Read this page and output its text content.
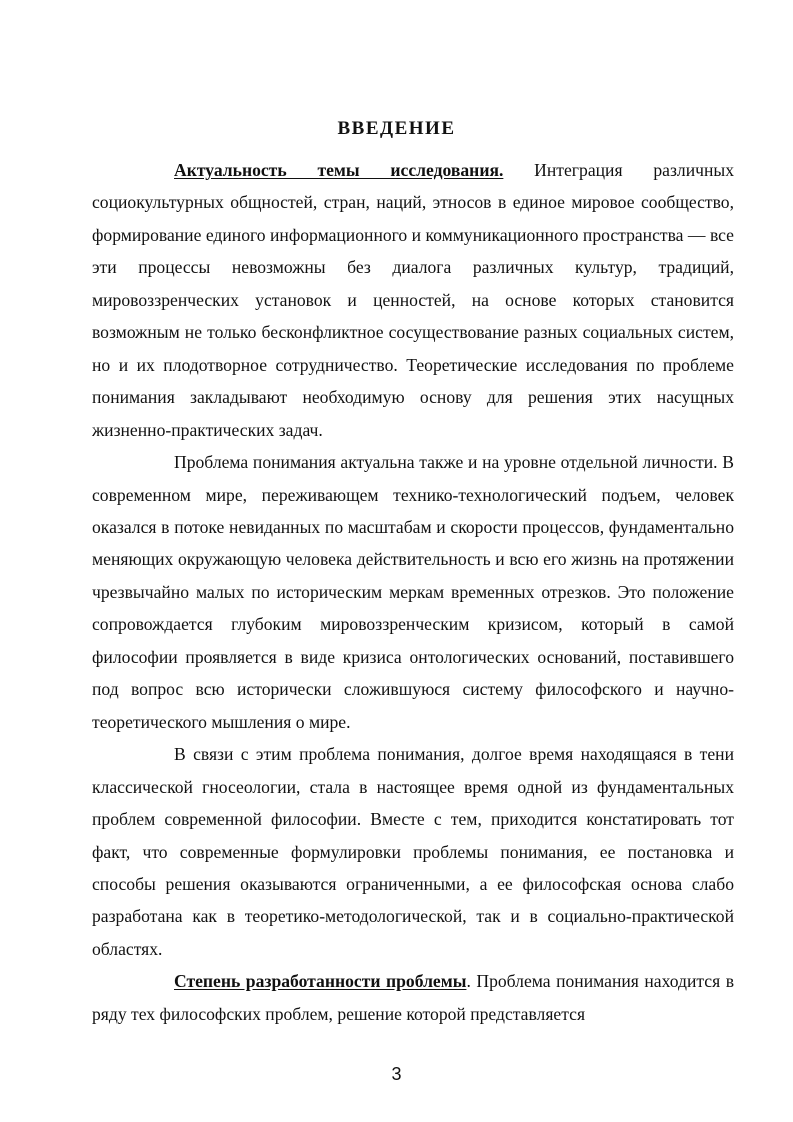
ВВЕДЕНИЕ

Актуальность темы исследования. Интеграция различных социокультурных общностей, стран, наций, этносов в единое мировое сообщество, формирование единого информационного и коммуникационного пространства — все эти процессы невозможны без диалога различных культур, традиций, мировоззренческих установок и ценностей, на основе которых становится возможным не только бесконфликтное сосуществование разных социальных систем, но и их плодотворное сотрудничество. Теоретические исследования по проблеме понимания закладывают необходимую основу для решения этих насущных жизненно-практических задач.

Проблема понимания актуальна также и на уровне отдельной личности. В современном мире, переживающем технико-технологический подъем, человек оказался в потоке невиданных по масштабам и скорости процессов, фундаментально меняющих окружающую человека действительность и всю его жизнь на протяжении чрезвычайно малых по историческим меркам временных отрезков. Это положение сопровождается глубоким мировоззренческим кризисом, который в самой философии проявляется в виде кризиса онтологических оснований, поставившего под вопрос всю исторически сложившуюся систему философского и научно-теоретического мышления о мире.

В связи с этим проблема понимания, долгое время находящаяся в тени классической гносеологии, стала в настоящее время одной из фундаментальных проблем современной философии. Вместе с тем, приходится констатировать тот факт, что современные формулировки проблемы понимания, ее постановка и способы решения оказываются ограниченными, а ее философская основа слабо разработана как в теоретико-методологической, так и в социально-практической областях.

Степень разработанности проблемы. Проблема понимания находится в ряду тех философских проблем, решение которой представляется

3
